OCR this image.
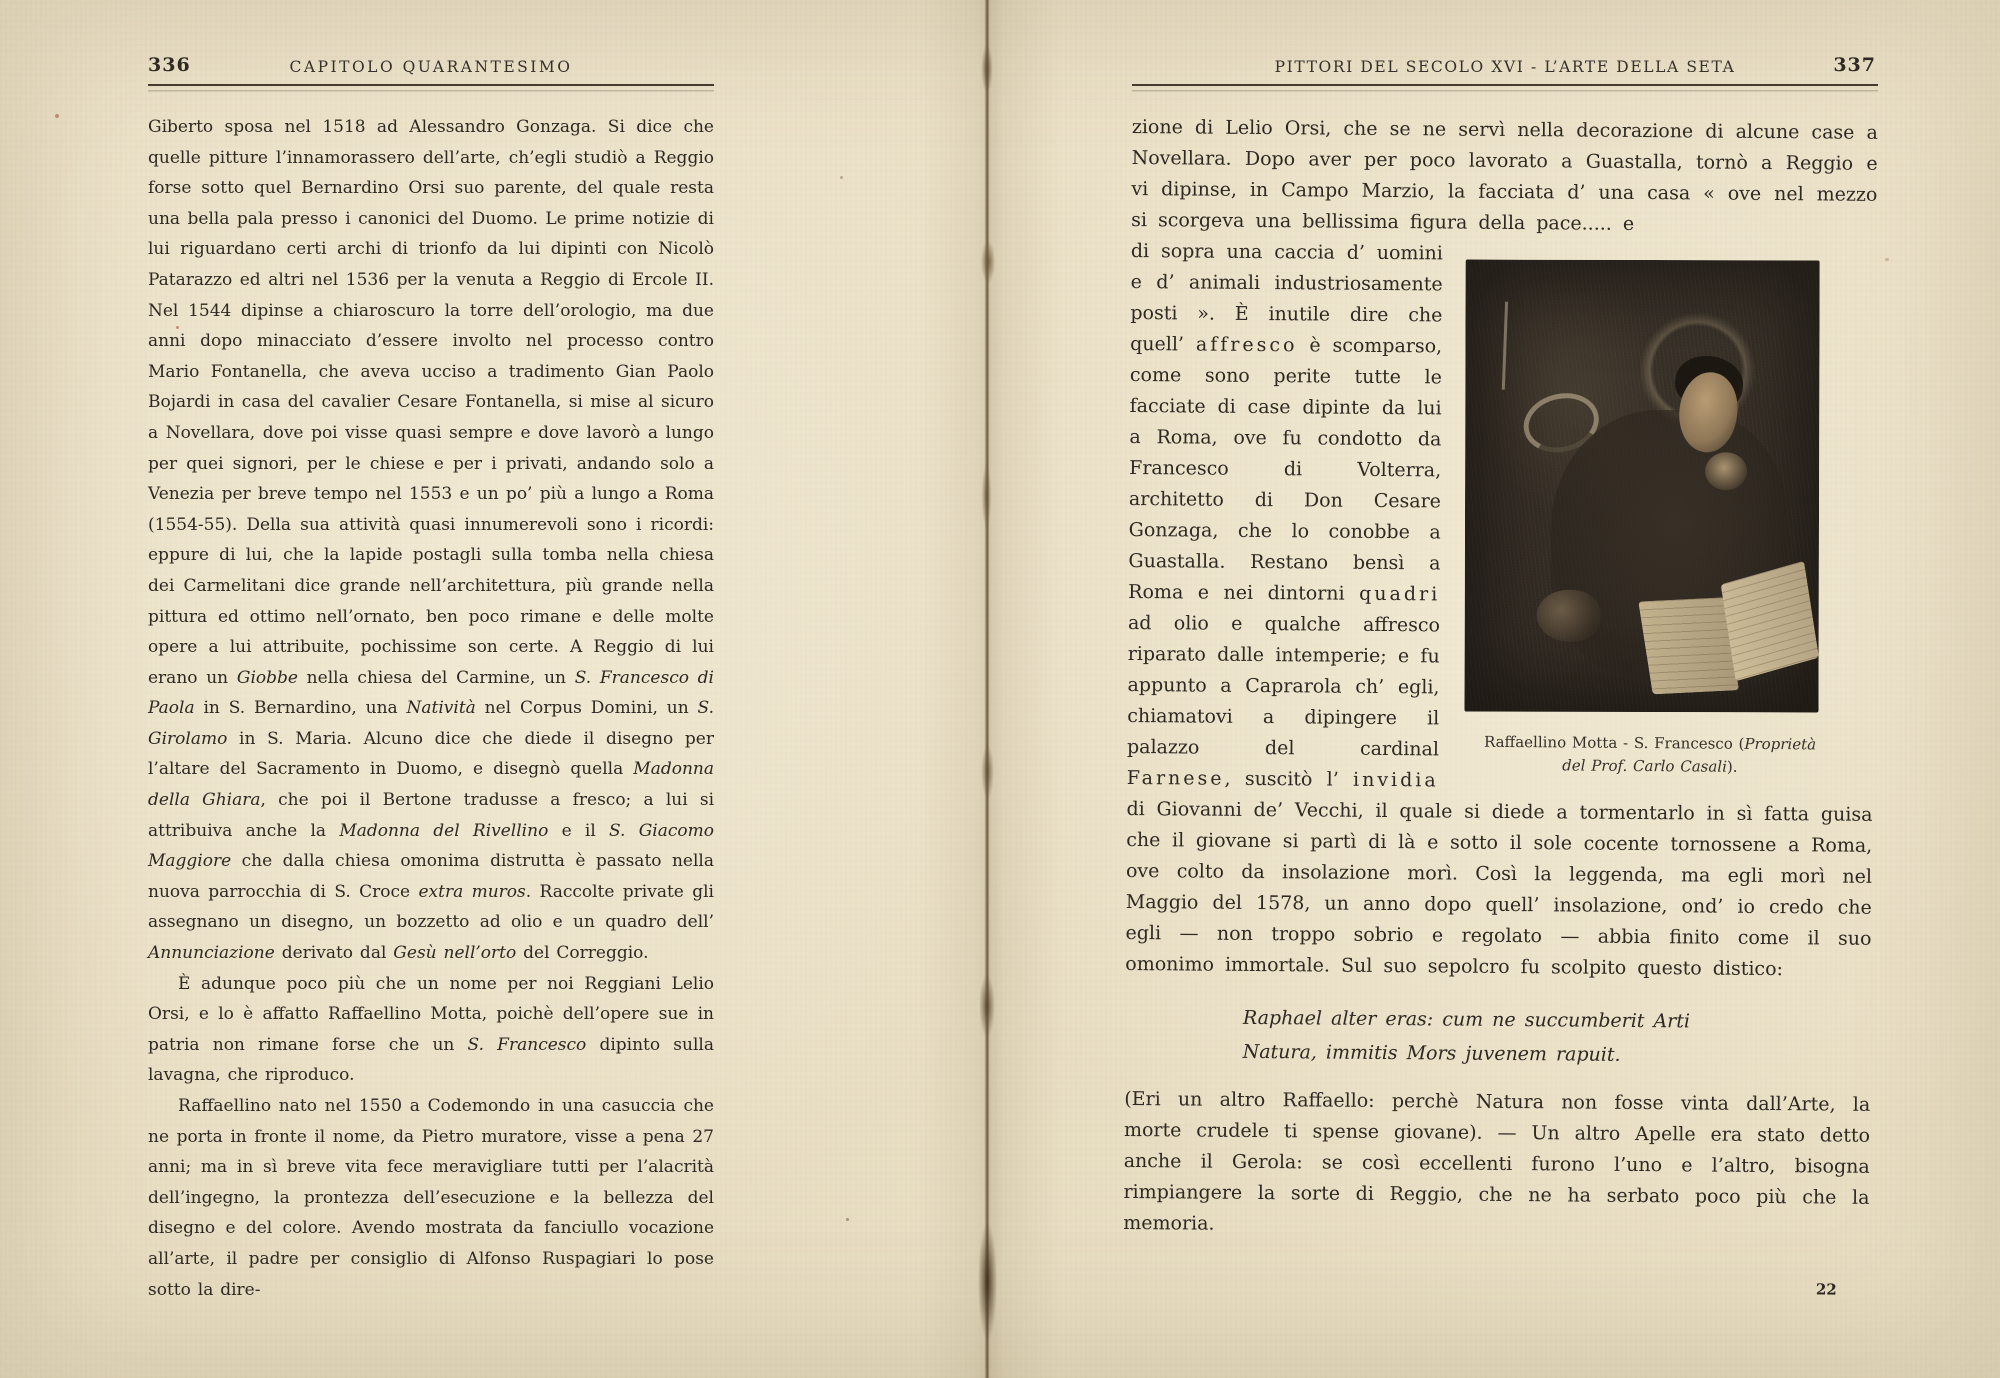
336	CAPITOLO QUARANTESIMO

Giberto sposa nel 1518 ad Alessandro Gonzaga. Si dice che quelle pitture l’innamorassero dell’arte, ch’egli studiò a Reggio forse sotto quel Bernardino Orsi suo parente, del quale resta una bella pala presso i canonici del Duomo. Le prime notizie di lui riguardano certi archi di trionfo da lui dipinti con Nicolò Patarazzo ed altri nel 1536 per la venuta a Reggio di Ercole II. Nel 1544 dipinse a chiaroscuro la torre dell’orologio, ma due anni dopo minacciato d’essere involto nel processo contro Mario Fontanella, che aveva ucciso a tradimento Gian Paolo Bojardi in casa del cavalier Cesare Fontanella, si mise al sicuro a Novellara, dove poi visse quasi sempre e dove lavorò a lungo per quei signori, per le chiese e per i privati, andando solo a Venezia per breve tempo nel 1553 e un po’ più a lungo a Roma (1554-55). Della sua attività quasi innumerevoli sono i ricordi: eppure di lui, che la lapide postagli sulla tomba nella chiesa dei Carmelitani dice grande nell’architettura, più grande nella pittura ed ottimo nell’ornato, ben poco rimane e delle molte opere a lui attribuite, pochissime son certe. A Reggio di lui erano un Giobbe nella chiesa del Carmine, un S. Francesco di Paola in S. Bernardino, una Natività nel Corpus Domini, un S. Girolamo in S. Maria. Alcuno dice che diede il disegno per l’altare del Sacramento in Duomo, e disegnò quella Madonna della Ghiara, che poi il Bertone tradusse a fresco; a lui si attribuiva anche la Madonna del Rivellino e il S. Giacomo Maggiore che dalla chiesa omonima distrutta è passato nella nuova parrocchia di S. Croce extra muros. Raccolte private gli assegnano un disegno, un bozzetto ad olio e un quadro dell’ Annunciazione derivato dal Gesù nell’orto del Correggio.

È adunque poco più che un nome per noi Reggiani Lelio Orsi, e lo è affatto Raffaellino Motta, poichè dell’opere sue in patria non rimane forse che un S. Francesco dipinto sulla lavagna, che riproduco.

Raffaellino nato nel 1550 a Codemondo in una casuccia che ne porta in fronte il nome, da Pietro muratore, visse a pena 27 anni; ma in sì breve vita fece meravigliare tutti per l’alacrità dell’ingegno, la prontezza dell’esecuzione e la bellezza del disegno e del colore. Avendo mostrata da fanciullo vocazione all’arte, il padre per consiglio di Alfonso Ruspagiari lo pose sotto la dire-

PITTORI DEL SECOLO XVI - L’ARTE DELLA SETA	337

zione di Lelio Orsi, che se ne servì nella decorazione di alcune case a Novellara. Dopo aver per poco lavorato a Guastalla, tornò a Reggio e vi dipinse, in Campo Marzio, la facciata d’ una casa « ove nel mezzo si scorgeva una bellissima figura della pace..... e

Raffaellino Motta - S. Francesco (Proprietà del Prof. Carlo Casali).
di sopra una caccia d’ uomini e d’ animali industriosamente posti ». È inutile dire che quell’ affresco è scomparso, come sono perite tutte le facciate di case dipinte da lui a Roma, ove fu condotto da Francesco di Volterra, architetto di Don Cesare Gonzaga, che lo conobbe a Guastalla. Restano bensì a Roma e nei dintorni quadri ad olio e qualche affresco riparato dalle intemperie; e fu appunto a Caprarola ch’ egli, chiamatovi a dipingere il palazzo del cardinal Farnese, suscitò l’ invidia di Giovanni de’ Vecchi, il quale si diede a tormentarlo in sì fatta guisa che il giovane si partì di là e sotto il sole cocente tornossene a Roma, ove colto da insolazione morì. Così la leggenda, ma egli morì nel Maggio del 1578, un anno dopo quell’ insolazione, ond’ io credo che egli — non troppo sobrio e regolato — abbia finito come il suo omonimo immortale. Sul suo sepolcro fu scolpito questo distico:

Raphael alter eras: cum ne succumberit Arti
Natura, immitis Mors juvenem rapuit.

(Eri un altro Raffaello: perchè Natura non fosse vinta dall’Arte, la morte crudele ti spense giovane). — Un altro Apelle era stato detto anche il Gerola: se così eccellenti furono l’uno e l’altro, bisogna rimpiangere la sorte di Reggio, che ne ha serbato poco più che la memoria.

22
